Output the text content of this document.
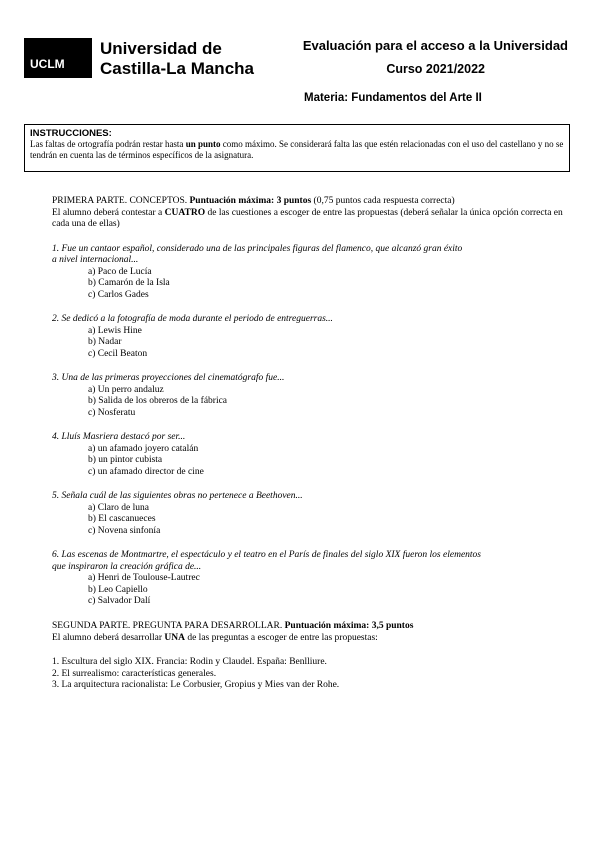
UCLM
Universidad de
Castilla-La Mancha
Evaluación para el acceso a la Universidad
Curso 2021/2022
Materia: Fundamentos del Arte II
INSTRUCCIONES:
Las faltas de ortografía podrán restar hasta un punto como máximo. Se considerará falta las que estén relacionadas con el uso del castellano y no se tendrán en cuenta las de términos específicos de la asignatura.
PRIMERA PARTE. CONCEPTOS. Puntuación máxima: 3 puntos (0,75 puntos cada respuesta correcta)
El alumno deberá contestar a CUATRO de las cuestiones a escoger de entre las propuestas (deberá señalar la única opción correcta en cada una de ellas)
1. Fue un cantaor español, considerado una de las principales figuras del flamenco, que alcanzó gran éxito
a nivel internacional...
a) Paco de Lucía
b) Camarón de la Isla
c) Carlos Gades
2. Se dedicó a la fotografía de moda durante el periodo de entreguerras...
a) Lewis Hine
b) Nadar
c) Cecil Beaton
3. Una de las primeras proyecciones del cinematógrafo fue...
a) Un perro andaluz
b) Salida de los obreros de la fábrica
c) Nosferatu
4. Lluís Masriera destacó por ser...
a) un afamado joyero catalán
b) un pintor cubista
c) un afamado director de cine
5. Señala cuál de las siguientes obras no pertenece a Beethoven...
a) Claro de luna
b) El cascanueces
c) Novena sinfonía
6. Las escenas de Montmartre, el espectáculo y el teatro en el París de finales del siglo XIX fueron los elementos
que inspiraron la creación gráfica de...
a) Henri de Toulouse-Lautrec
b) Leo Capiello
c) Salvador Dalí
SEGUNDA PARTE. PREGUNTA PARA DESARROLLAR. Puntuación máxima: 3,5 puntos
El alumno deberá desarrollar UNA de las preguntas a escoger de entre las propuestas:
1. Escultura del siglo XIX. Francia: Rodin y Claudel. España: Benlliure.
2. El surrealismo: características generales.
3. La arquitectura racionalista: Le Corbusier, Gropius y Mies van der Rohe.
